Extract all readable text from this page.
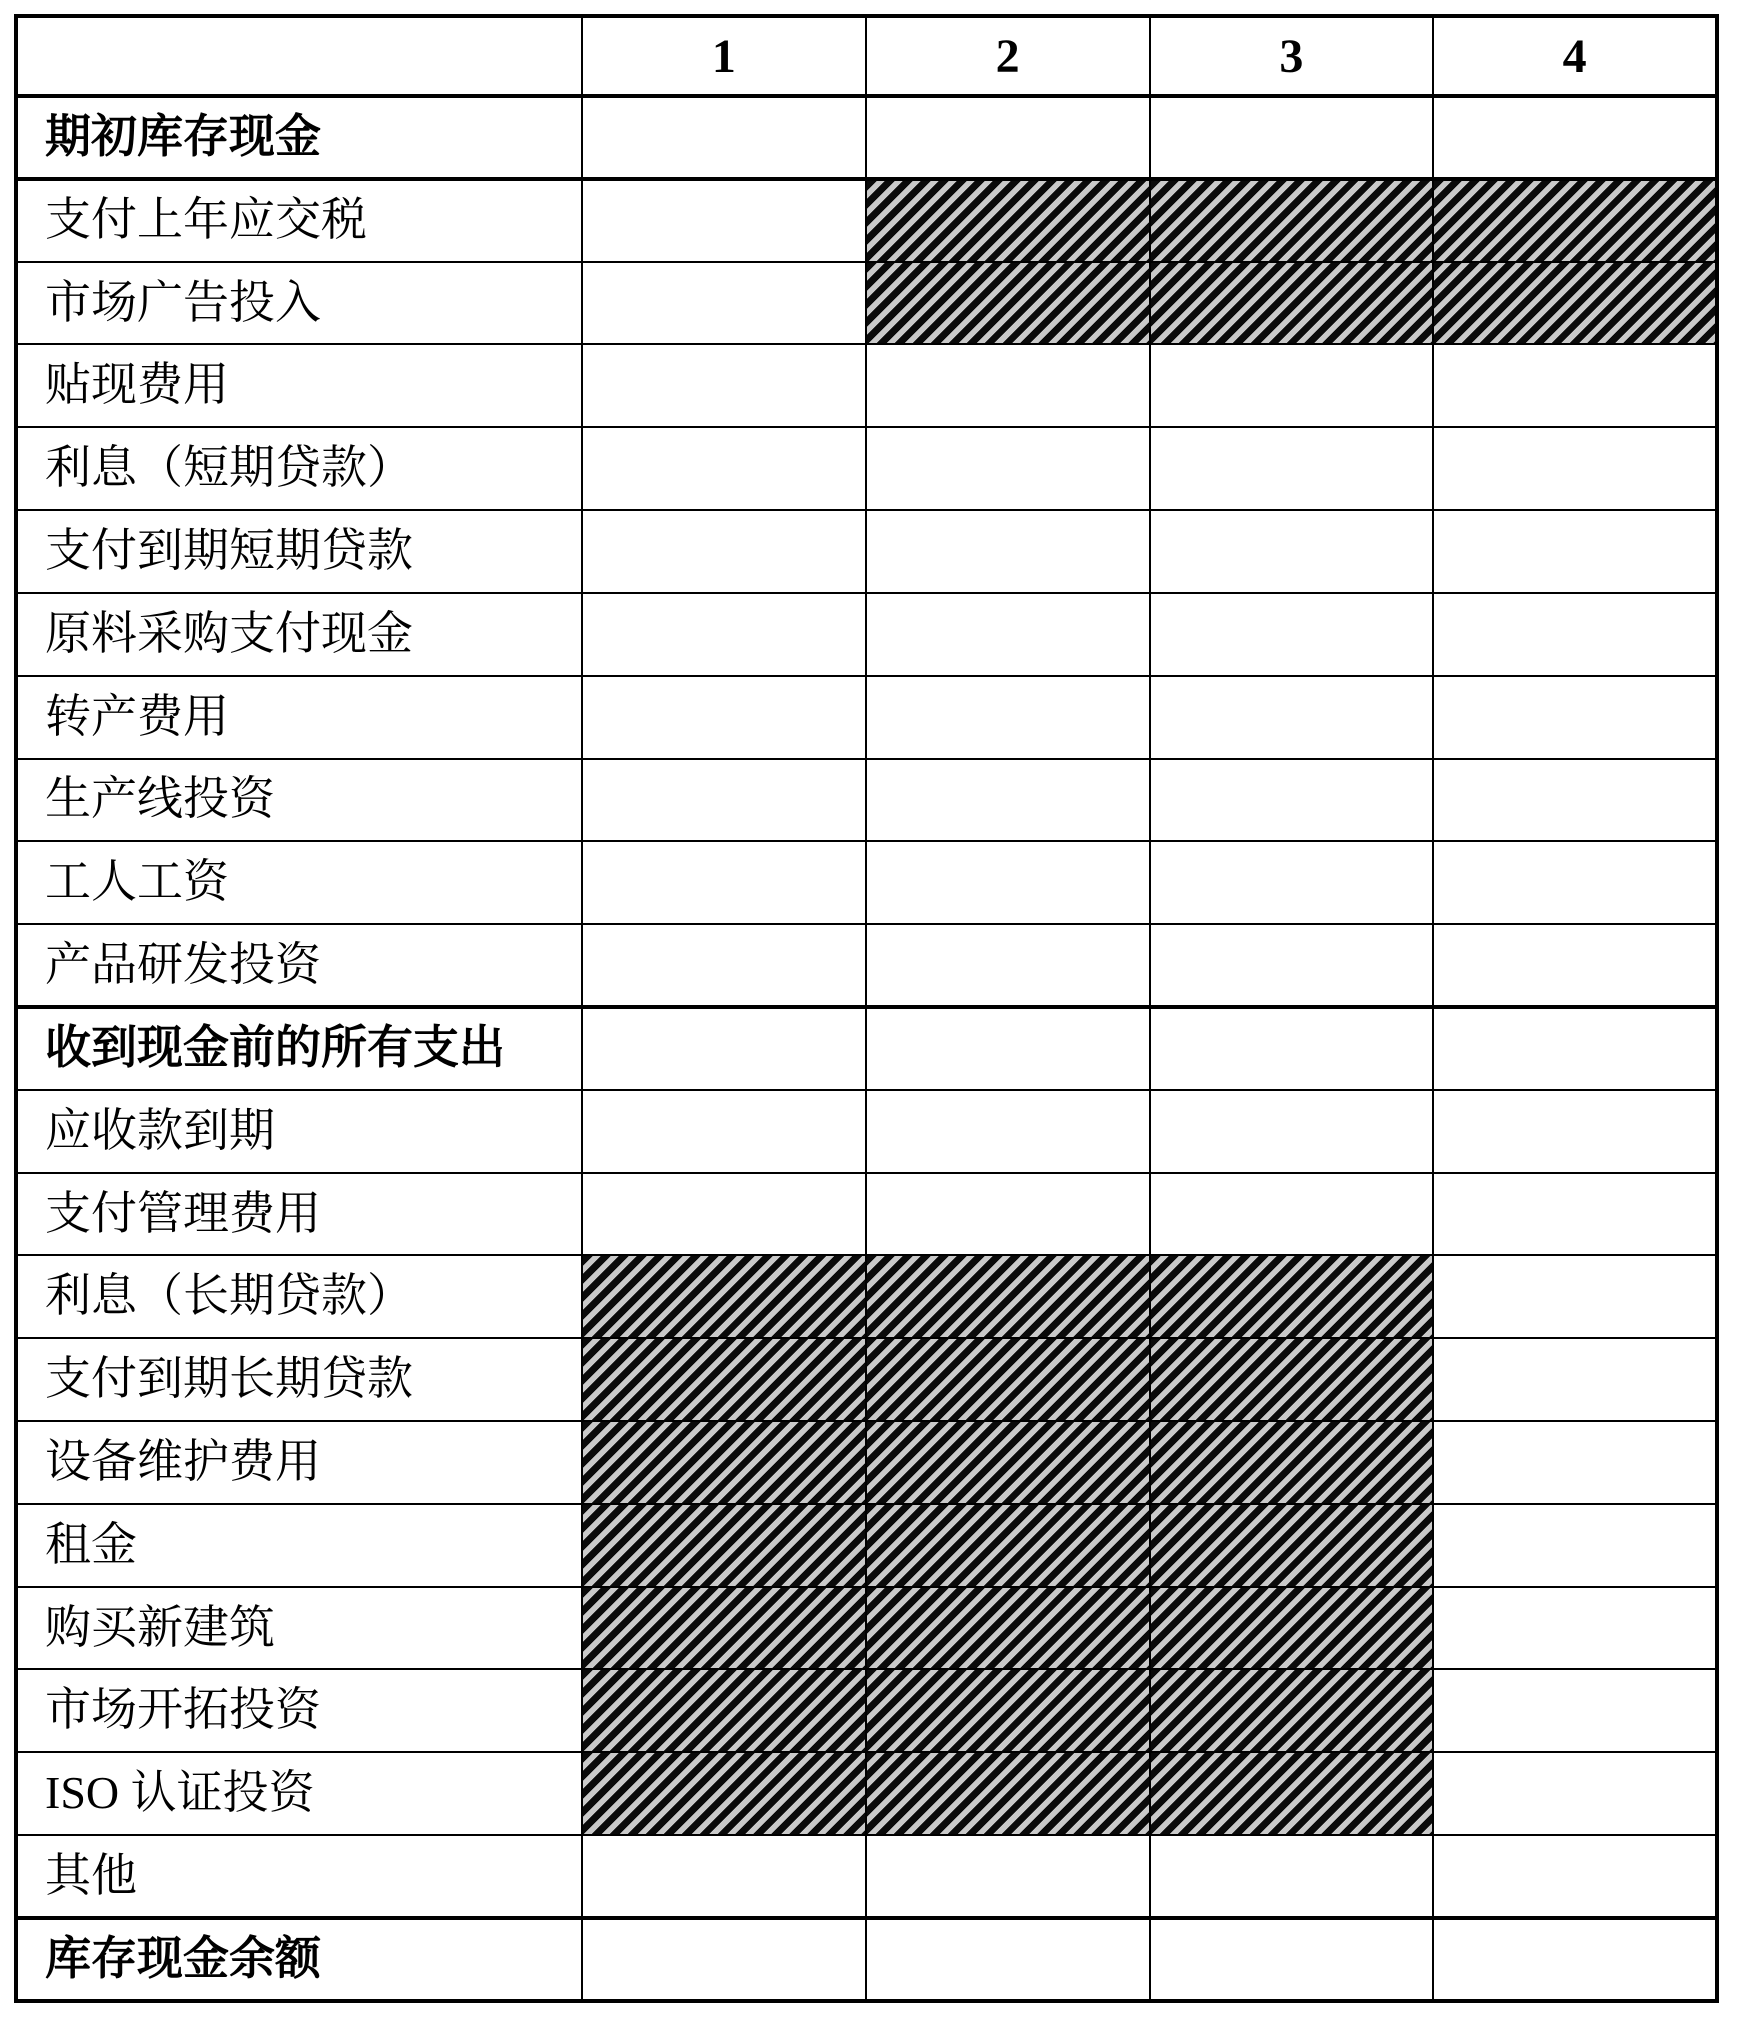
	1	2	3	4
期初库存现金				
支付上年应交税				
市场广告投入				
贴现费用				
利息（短期贷款）				
支付到期短期贷款				
原料采购支付现金				
转产费用				
生产线投资				
工人工资				
产品研发投资				
收到现金前的所有支出				
应收款到期				
支付管理费用				
利息（长期贷款）				
支付到期长期贷款				
设备维护费用				
租金				
购买新建筑				
市场开拓投资				
ISO 认证投资				
其他				
库存现金余额				
